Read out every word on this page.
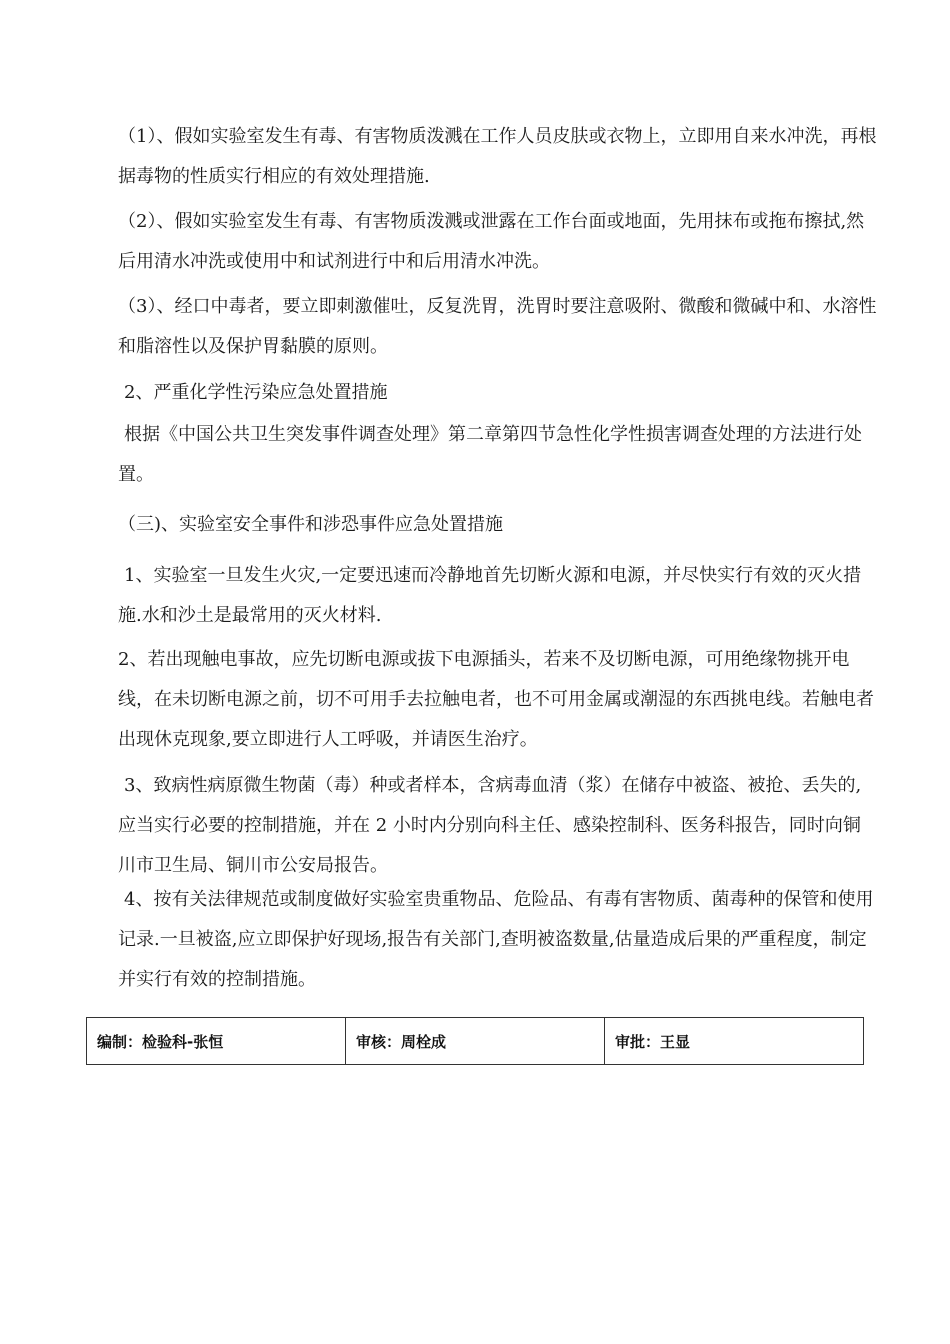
（1）、假如实验室发生有毒、有害物质泼溅在工作人员皮肤或衣物上，立即用自来水冲洗，再根据毒物的性质实行相应的有效处理措施.

（2）、假如实验室发生有毒、有害物质泼溅或泄露在工作台面或地面，先用抹布或拖布擦拭,然后用清水冲洗或使用中和试剂进行中和后用清水冲洗。

（3）、经口中毒者，要立即刺激催吐，反复洗胃，洗胃时要注意吸附、微酸和微碱中和、水溶性和脂溶性以及保护胃黏膜的原则。

2、严重化学性污染应急处置措施

根据《中国公共卫生突发事件调查处理》第二章第四节急性化学性损害调查处理的方法进行处置。

（三)、实验室安全事件和涉恐事件应急处置措施

1、实验室一旦发生火灾,一定要迅速而冷静地首先切断火源和电源，并尽快实行有效的灭火措施.水和沙土是最常用的灭火材料.

2、若出现触电事故，应先切断电源或拔下电源插头，若来不及切断电源，可用绝缘物挑开电线，在未切断电源之前，切不可用手去拉触电者，也不可用金属或潮湿的东西挑电线。若触电者出现休克现象,要立即进行人工呼吸，并请医生治疗。

3、致病性病原微生物菌（毒）种或者样本，含病毒血清（浆）在储存中被盗、被抢、丢失的,应当实行必要的控制措施，并在 2 小时内分别向科主任、感染控制科、医务科报告，同时向铜川市卫生局、铜川市公安局报告。

4、按有关法律规范或制度做好实验室贵重物品、危险品、有毒有害物质、菌毒种的保管和使用记录.一旦被盗,应立即保护好现场,报告有关部门,查明被盗数量,估量造成后果的严重程度，制定并实行有效的控制措施。

编制：检验科-张恒	审核：周栓成	审批：王显
